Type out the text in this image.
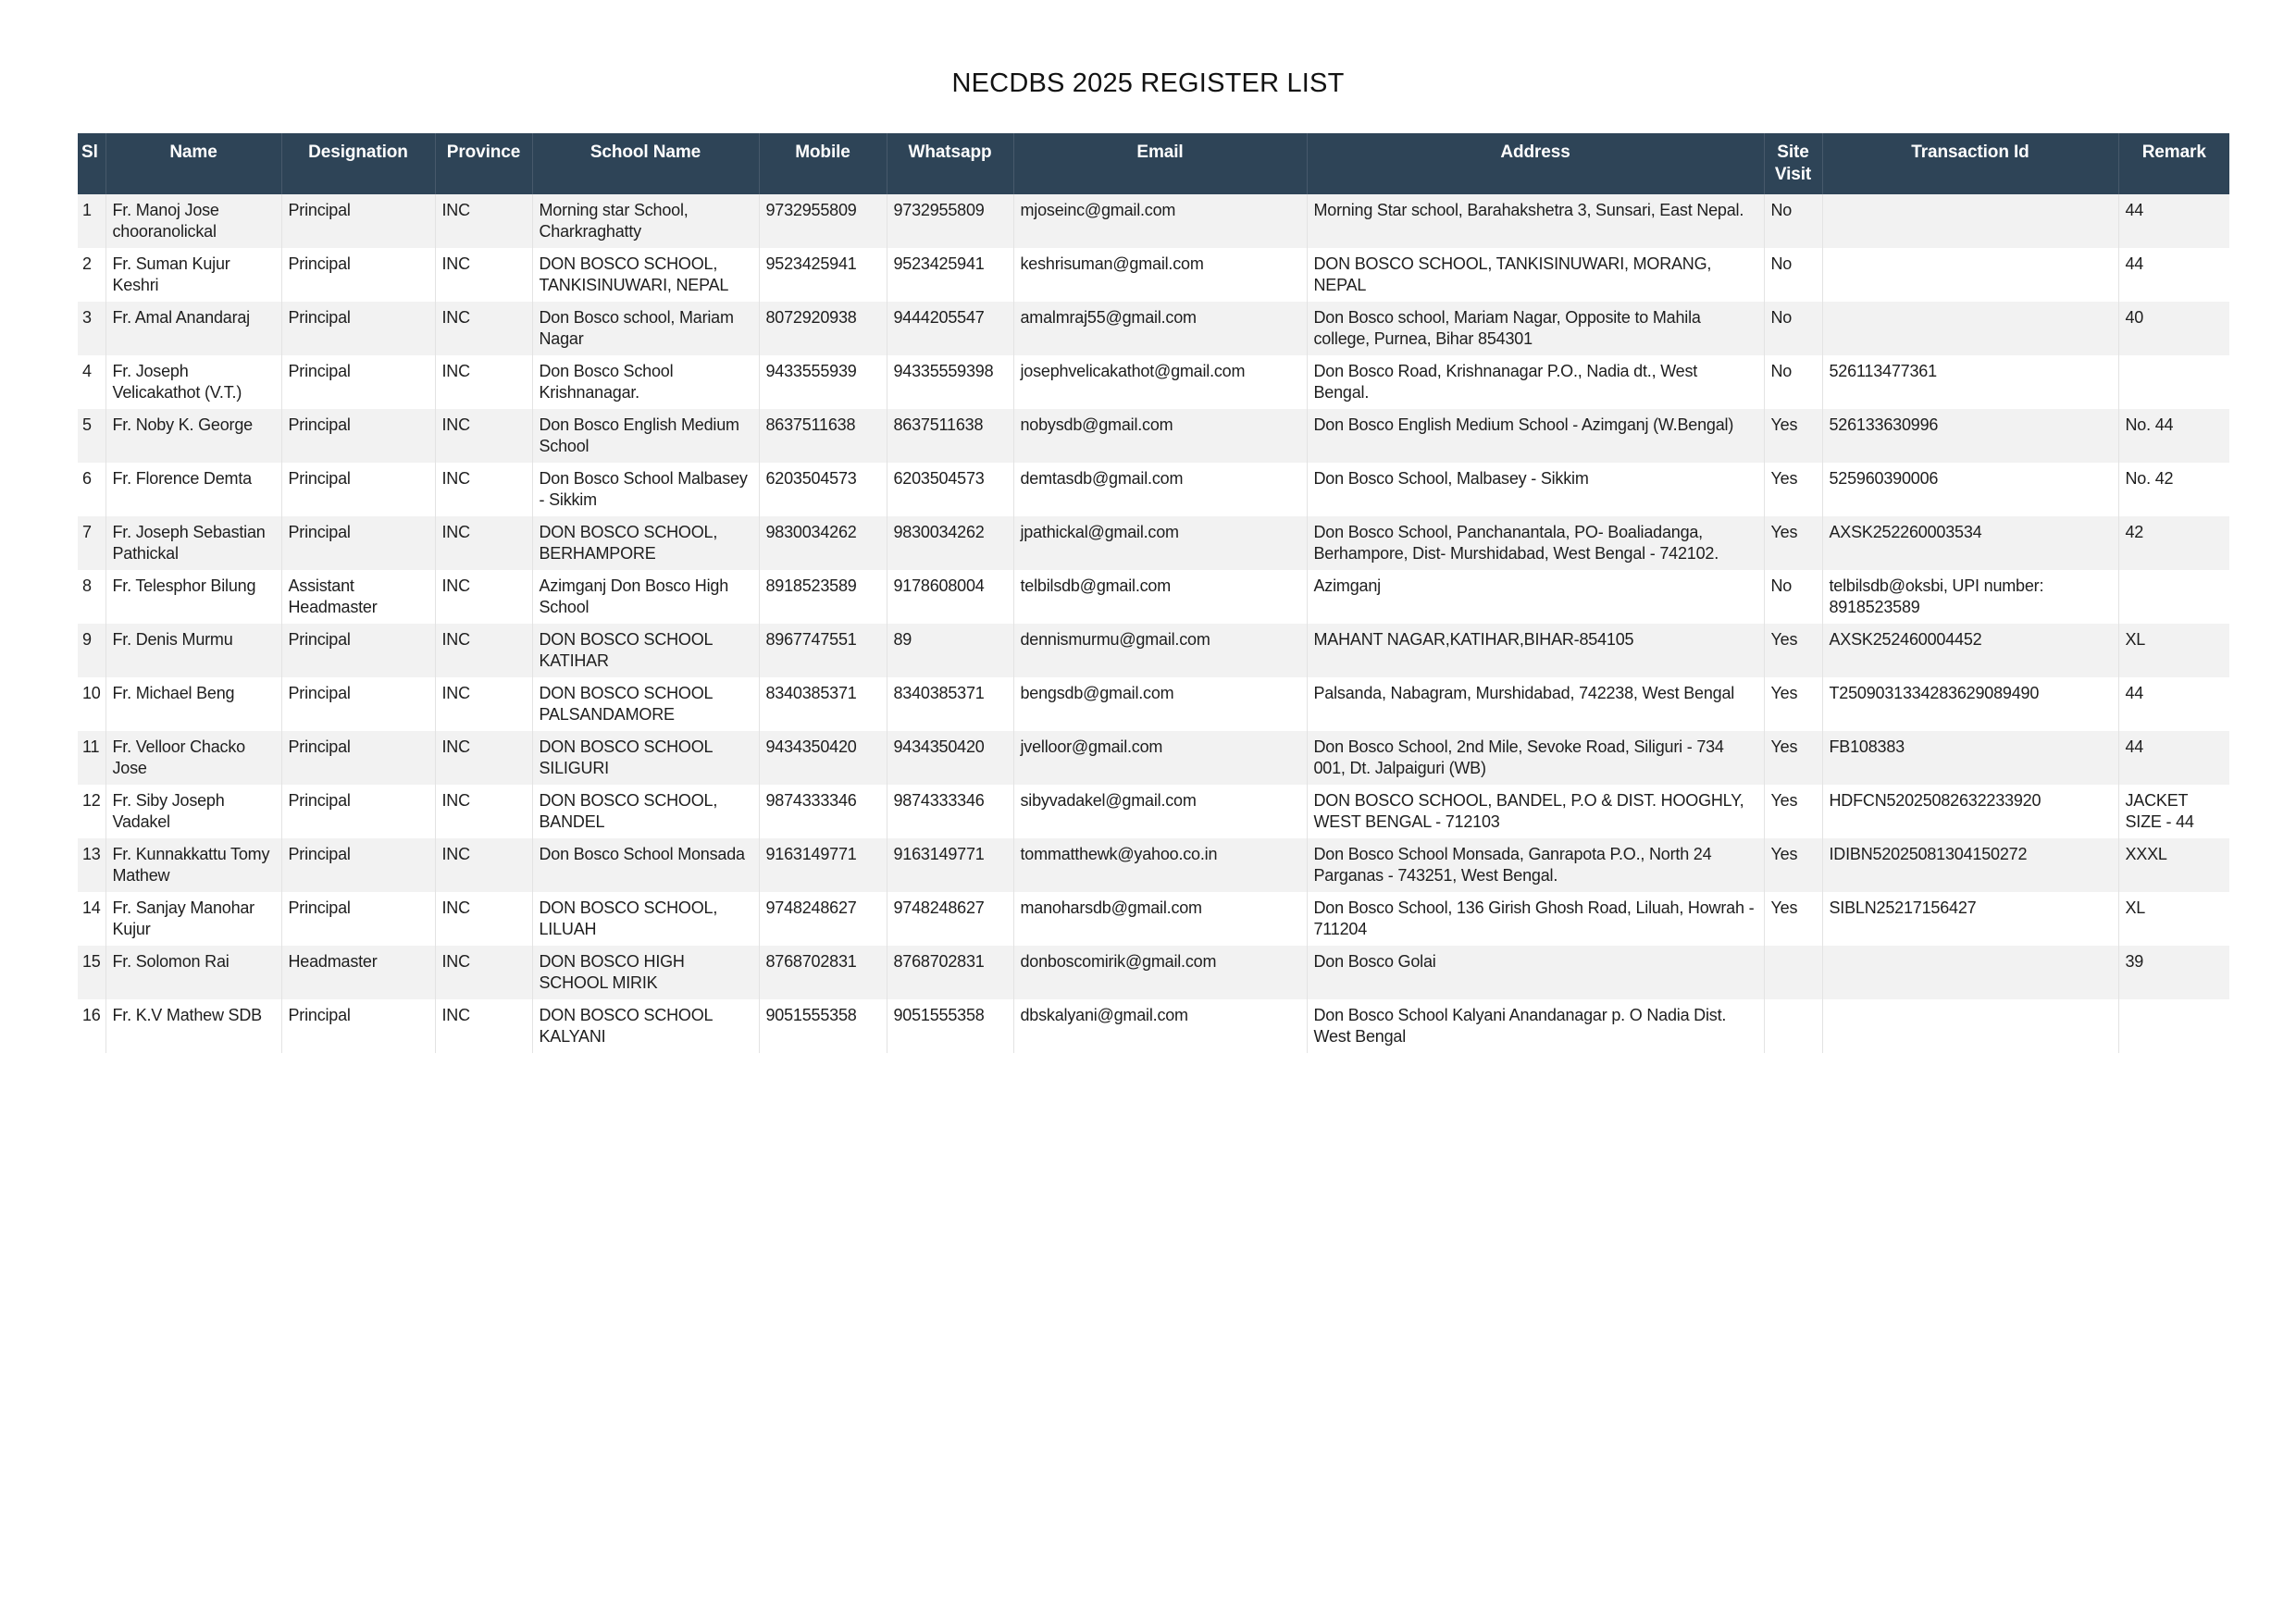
NECDBS 2025 REGISTER LIST
Sl	Name	Designation	Province	School Name	Mobile	Whatsapp	Email	Address	Site Visit	Transaction Id	Remark
1	Fr. Manoj Jose chooranolickal	Principal	INC	Morning star School, Charkraghatty	9732955809	9732955809	mjoseinc@gmail.com	Morning Star school, Barahakshetra 3, Sunsari, East Nepal.	No		44
2	Fr. Suman Kujur Keshri	Principal	INC	DON BOSCO SCHOOL, TANKISINUWARI, NEPAL	9523425941	9523425941	keshrisuman@gmail.com	DON BOSCO SCHOOL, TANKISINUWARI, MORANG, NEPAL	No		44
3	Fr. Amal Anandaraj	Principal	INC	Don Bosco school, Mariam Nagar	8072920938	9444205547	amalmraj55@gmail.com	Don Bosco school, Mariam Nagar, Opposite to Mahila college, Purnea, Bihar 854301	No		40
4	Fr. Joseph Velicakathot (V.T.)	Principal	INC	Don Bosco School Krishnanagar.	9433555939	94335559398	josephvelicakathot@gmail.com	Don Bosco Road, Krishnanagar P.O., Nadia dt., West Bengal.	No	526113477361	
5	Fr. Noby K. George	Principal	INC	Don Bosco English Medium School	8637511638	8637511638	nobysdb@gmail.com	Don Bosco English Medium School - Azimganj (W.Bengal)	Yes	526133630996	No. 44
6	Fr. Florence Demta	Principal	INC	Don Bosco School Malbasey - Sikkim	6203504573	6203504573	demtasdb@gmail.com	Don Bosco School, Malbasey - Sikkim	Yes	525960390006	No. 42
7	Fr. Joseph Sebastian Pathickal	Principal	INC	DON BOSCO SCHOOL, BERHAMPORE	9830034262	9830034262	jpathickal@gmail.com	Don Bosco School, Panchanantala, PO- Boaliadanga, Berhampore, Dist- Murshidabad, West Bengal - 742102.	Yes	AXSK252260003534	42
8	Fr. Telesphor Bilung	Assistant Headmaster	INC	Azimganj Don Bosco High School	8918523589	9178608004	telbilsdb@gmail.com	Azimganj	No	telbilsdb@oksbi, UPI number: 8918523589	
9	Fr. Denis Murmu	Principal	INC	DON BOSCO SCHOOL KATIHAR	8967747551	89	dennismurmu@gmail.com	MAHANT NAGAR,KATIHAR,BIHAR-854105	Yes	AXSK252460004452	XL
10	Fr. Michael Beng	Principal	INC	DON BOSCO SCHOOL PALSANDAMORE	8340385371	8340385371	bengsdb@gmail.com	Palsanda, Nabagram, Murshidabad, 742238, West Bengal	Yes	T2509031334283629089490	44
11	Fr. Velloor Chacko Jose	Principal	INC	DON BOSCO SCHOOL SILIGURI	9434350420	9434350420	jvelloor@gmail.com	Don Bosco School, 2nd Mile, Sevoke Road, Siliguri - 734 001, Dt. Jalpaiguri (WB)	Yes	FB108383	44
12	Fr. Siby Joseph Vadakel	Principal	INC	DON BOSCO SCHOOL, BANDEL	9874333346	9874333346	sibyvadakel@gmail.com	DON BOSCO SCHOOL, BANDEL, P.O & DIST. HOOGHLY, WEST BENGAL - 712103	Yes	HDFCN52025082632233920	JACKET SIZE - 44
13	Fr. Kunnakkattu Tomy Mathew	Principal	INC	Don Bosco School Monsada	9163149771	9163149771	tommatthewk@yahoo.co.in	Don Bosco School Monsada, Ganrapota P.O., North 24 Parganas - 743251, West Bengal.	Yes	IDIBN52025081304150272	XXXL
14	Fr. Sanjay Manohar Kujur	Principal	INC	DON BOSCO SCHOOL, LILUAH	9748248627	9748248627	manoharsdb@gmail.com	Don Bosco School, 136 Girish Ghosh Road, Liluah, Howrah - 711204	Yes	SIBLN25217156427	XL
15	Fr. Solomon Rai	Headmaster	INC	DON BOSCO HIGH SCHOOL MIRIK	8768702831	8768702831	donboscomirik@gmail.com	Don Bosco Golai			39
16	Fr. K.V Mathew SDB	Principal	INC	DON BOSCO SCHOOL KALYANI	9051555358	9051555358	dbskalyani@gmail.com	Don Bosco School Kalyani Anandanagar p. O Nadia Dist. West Bengal			
